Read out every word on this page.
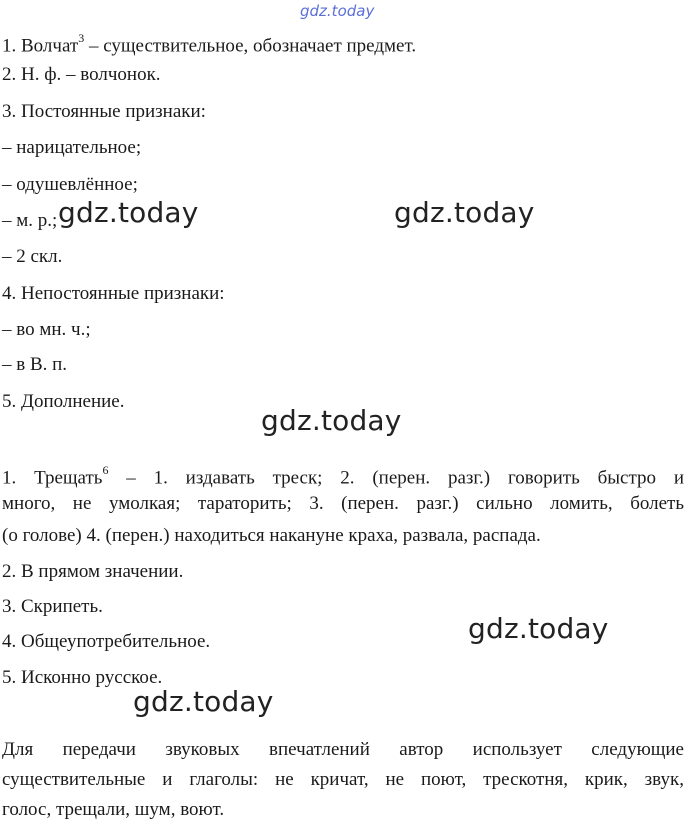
gdz.today
1. Волчат$^3$ – существительное, обозначает предмет.
2. Н. ф. – волчонок.
3. Постоянные признаки:
– нарицательное;
– одушевлённое;
– м. р.;
– 2 скл.
4. Непостоянные признаки:
– во мн. ч.;
– в В. п.
5. Дополнение.
1. Трещать$^6$ – 1. издавать треск; 2. (перен. разг.) говорить быстро и
много, не умолкая; тараторить; 3. (перен. разг.) сильно ломить, болеть
(о голове) 4. (перен.) находиться накануне краха, развала, распада.
2. В прямом значении.
3. Скрипеть.
4. Общеупотребительное.
5. Исконно русское.
Для передачи звуковых впечатлений автор использует следующие
существительные и глаголы: не кричат, не поют, трескотня, крик, звук,
голос, трещали, шум, воют.
gdz.today	gdz.today
gdz.today
gdz.today
gdz.today
